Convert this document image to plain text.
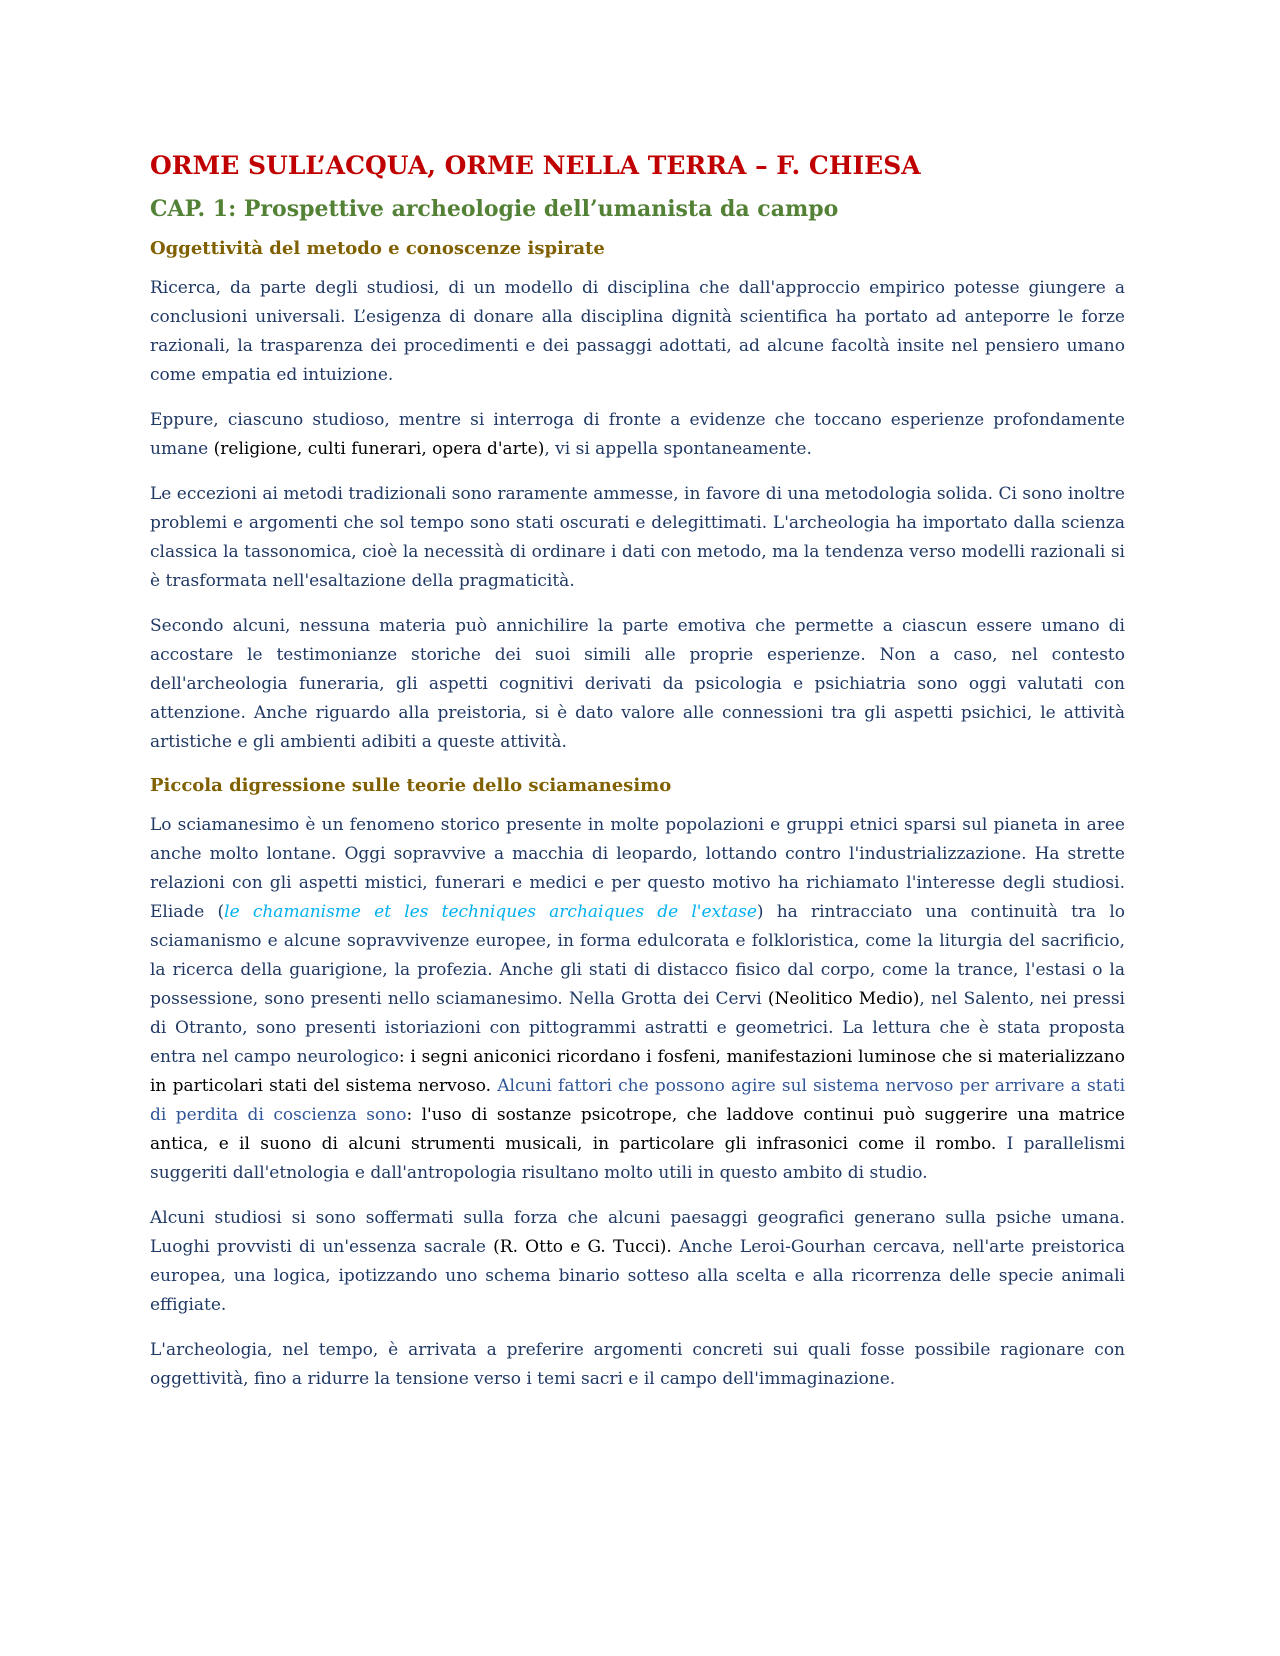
ORME SULL’ACQUA, ORME NELLA TERRA – F. CHIESA
CAP. 1: Prospettive archeologie dell’umanista da campo
Oggettività del metodo e conoscenze ispirate

Ricerca, da parte degli studiosi, di un modello di disciplina che dall'approccio empirico potesse giungere a conclusioni universali. L’esigenza di donare alla disciplina dignità scientifica ha portato ad anteporre le forze razionali, la trasparenza dei procedimenti e dei passaggi adottati, ad alcune facoltà insite nel pensiero umano come empatia ed intuizione.

Eppure, ciascuno studioso, mentre si interroga di fronte a evidenze che toccano esperienze profondamente umane (religione, culti funerari, opera d'arte), vi si appella spontaneamente.

Le eccezioni ai metodi tradizionali sono raramente ammesse, in favore di una metodologia solida. Ci sono inoltre problemi e argomenti che sol tempo sono stati oscurati e delegittimati. L'archeologia ha importato dalla scienza classica la tassonomica, cioè la necessità di ordinare i dati con metodo, ma la tendenza verso modelli razionali si è trasformata nell'esaltazione della pragmaticità.

Secondo alcuni, nessuna materia può annichilire la parte emotiva che permette a ciascun essere umano di accostare le testimonianze storiche dei suoi simili alle proprie esperienze. Non a caso, nel contesto dell'archeologia funeraria, gli aspetti cognitivi derivati da psicologia e psichiatria sono oggi valutati con attenzione. Anche riguardo alla preistoria, si è dato valore alle connessioni tra gli aspetti psichici, le attività artistiche e gli ambienti adibiti a queste attività.

Piccola digressione sulle teorie dello sciamanesimo

Lo sciamanesimo è un fenomeno storico presente in molte popolazioni e gruppi etnici sparsi sul pianeta in aree anche molto lontane. Oggi sopravvive a macchia di leopardo, lottando contro l'industrializzazione. Ha strette relazioni con gli aspetti mistici, funerari e medici e per questo motivo ha richiamato l'interesse degli studiosi. Eliade (le chamanisme et les techniques archaiques de l'extase) ha rintracciato una continuità tra lo sciamanismo e alcune sopravvivenze europee, in forma edulcorata e folkloristica, come la liturgia del sacrificio, la ricerca della guarigione, la profezia. Anche gli stati di distacco fisico dal corpo, come la trance, l'estasi o la possessione, sono presenti nello sciamanesimo. Nella Grotta dei Cervi (Neolitico Medio), nel Salento, nei pressi di Otranto, sono presenti istoriazioni con pittogrammi astratti e geometrici. La lettura che è stata proposta entra nel campo neurologico: i segni aniconici ricordano i fosfeni, manifestazioni luminose che si materializzano in particolari stati del sistema nervoso. Alcuni fattori che possono agire sul sistema nervoso per arrivare a stati di perdita di coscienza sono: l'uso di sostanze psicotrope, che laddove continui può suggerire una matrice antica, e il suono di alcuni strumenti musicali, in particolare gli infrasonici come il rombo. I parallelismi suggeriti dall'etnologia e dall'antropologia risultano molto utili in questo ambito di studio.

Alcuni studiosi si sono soffermati sulla forza che alcuni paesaggi geografici generano sulla psiche umana. Luoghi provvisti di un'essenza sacrale (R. Otto e G. Tucci). Anche Leroi-Gourhan cercava, nell'arte preistorica europea, una logica, ipotizzando uno schema binario sotteso alla scelta e alla ricorrenza delle specie animali effigiate.

L'archeologia, nel tempo, è arrivata a preferire argomenti concreti sui quali fosse possibile ragionare con oggettività, fino a ridurre la tensione verso i temi sacri e il campo dell'immaginazione.
